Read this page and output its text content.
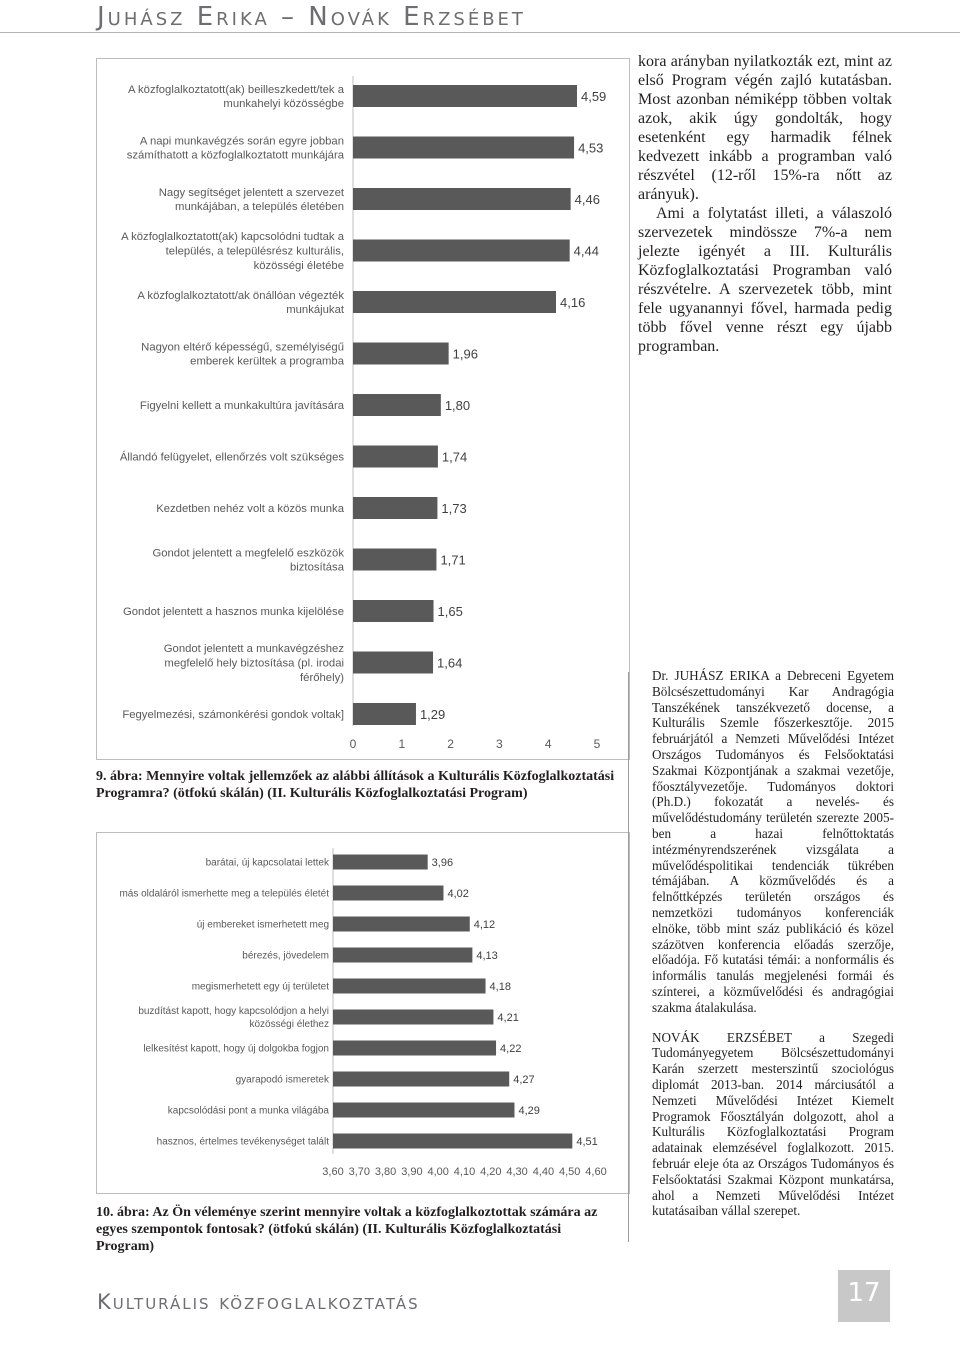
Juhász Erika – Novák Erzsébet
4,59
A közfoglalkoztatott(ak) beilleszkedett/tek a
munkahelyi közösségbe
4,53
A napi munkavégzés során egyre jobban
számíthatott a közfoglalkoztatott munkájára
4,46
Nagy segítséget jelentett a szervezet
munkájában, a település életében
4,44
A közfoglalkoztatott(ak) kapcsolódni tudtak a
település, a településrész kulturális,
közösségi életébe
4,16
A közfoglalkoztatott/ak önállóan végezték
munkájukat
1,96
Nagyon eltérő képességű, személyiségű
emberek kerültek a programba
1,80
Figyelni kellett a munkakultúra javítására
1,74
Állandó felügyelet, ellenőrzés volt szükséges
1,73
Kezdetben nehéz volt a közös munka
1,71
Gondot jelentett a megfelelő eszközök
biztosítása
1,65
Gondot jelentett a hasznos munka kijelölése
1,64
Gondot jelentett a munkavégzéshez
megfelelő hely biztosítása (pl. irodai
férőhely)
1,29
Fegyelmezési, számonkérési gondok voltak]
0	1	2	3	4	5
9. ábra: Mennyire voltak jellemzőek az alábbi állítások a Kulturális Közfoglalkoztatási Programra? (ötfokú skálán) (II. Kulturális Közfoglalkoztatási Program)
3,96
barátai, új kapcsolatai lettek
4,02
más oldaláról ismerhette meg a település életét
4,12
új embereket ismerhetett meg
4,13
bérezés, jövedelem
4,18
megismerhetett egy új területet
4,21
buzdítást kapott, hogy kapcsolódjon a helyi
közösségi élethez
4,22
lelkesítést kapott, hogy új dolgokba fogjon
4,27
gyarapodó ismeretek
4,29
kapcsolódási pont a munka világába
4,51
hasznos, értelmes tevékenységet talált
3,60 3,70 3,80 3,90 4,00 4,10 4,20 4,30 4,40 4,50 4,60
10. ábra: Az Ön véleménye szerint mennyire voltak a közfoglalkoztottak számára az egyes szempontok fontosak? (ötfokú skálán) (II. Kulturális Közfoglalkoztatási Program)

kora arányban nyilatkozták ezt, mint az első Program végén zajló kutatásban. Most azonban némiképp többen voltak azok, akik úgy gondolták, hogy esetenként egy harmadik félnek kedvezett inkább a programban való részvétel (12-ről 15%-ra nőtt az arányuk).

Ami a folytatást illeti, a válaszoló szervezetek mindössze 7%-a nem jelezte igényét a III. Kulturális Közfoglalkoztatási Programban való részvételre. A szervezetek több, mint fele ugyanannyi fővel, harmada pedig több fővel venne részt egy újabb programban.

Dr. JUHÁSZ ERIKA a Debreceni Egyetem Bölcsészettudományi Kar Andragógia Tanszékének tanszékvezető docense, a Kulturális Szemle főszerkesztője. 2015 februárjától a Nemzeti Művelődési Intézet Országos Tudományos és Felsőoktatási Szakmai Központjának a szakmai vezetője, főosztályvezetője. Tudományos doktori (Ph.D.) fokozatát a nevelés- és művelődéstudomány területén szerezte 2005-ben a hazai felnőttoktatás intézményrendszerének vizsgálata a művelődéspolitikai tendenciák tükrében témájában. A közművelődés és a felnőttképzés területén országos és nemzetközi tudományos konferenciák elnöke, több mint száz publikáció és közel százötven konferencia előadás szerzője, előadója. Fő kutatási témái: a nonformális és informális tanulás megjelenési formái és színterei, a közművelődési és andragógiai szakma átalakulása.

NOVÁK ERZSÉBET a Szegedi Tudományegyetem Bölcsészettudományi Karán szerzett mesterszintű szociológus diplomát 2013-ban. 2014 márciusától a Nemzeti Művelődési Intézet Kiemelt Programok Főosztályán dolgozott, ahol a Kulturális Közfoglalkoztatási Program adatainak elemzésével foglalkozott. 2015. február eleje óta az Országos Tudományos és Felsőoktatási Szakmai Központ munkatársa, ahol a Nemzeti Művelődési Intézet kutatásaiban vállal szerepet.

Kulturális közfoglalkoztatás	17
